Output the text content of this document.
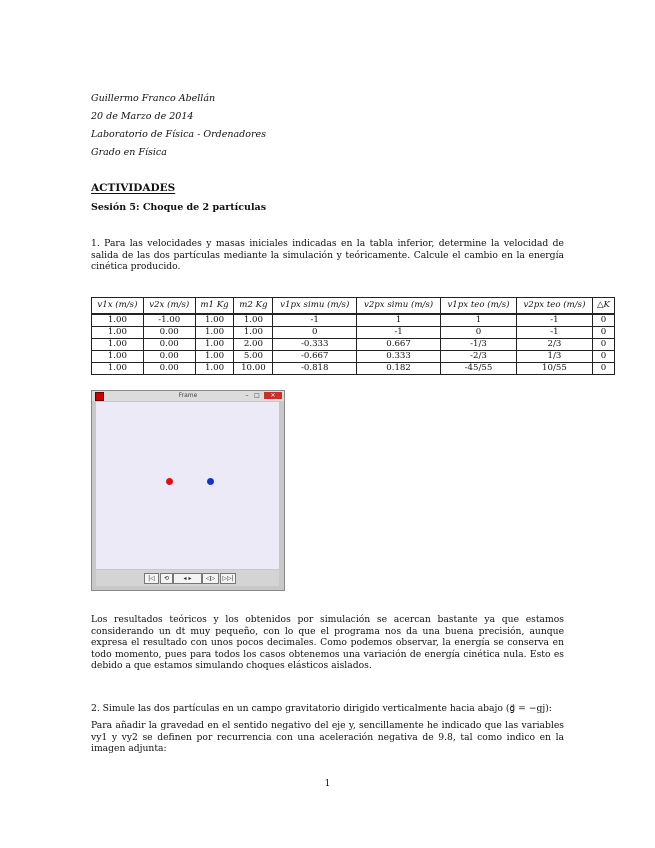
Guillermo Franco Abellán
20 de Marzo de 2014
Laboratorio de Física - Ordenadores
Grado en Física
ACTIVIDADES
Sesión 5: Choque de 2 partículas

1. Para las velocidades y masas iniciales indicadas en la tabla inferior, determine la velocidad de salida de las dos partículas mediante la simulación y teóricamente. Calcule el cambio en la energía cinética producido.

v1x (m/s)	v2x (m/s)	m1 Kg	m2 Kg	v1px simu (m/s)	v2px simu (m/s)	v1px teo (m/s)	v2px teo (m/s)	△K
1.00	-1.00	1.00	1.00	-1	1	1	-1	0
1.00	0.00	1.00	1.00	0	-1	0	-1	0
1.00	0.00	1.00	2.00	-0.333	0.667	-1/3	2/3	0
1.00	0.00	1.00	5.00	-0.667	0.333	-2/3	1/3	0
1.00	0.00	1.00	10.00	-0.818	0.182	-45/55	10/55	0
Frame	– □	✕
|◁	⟲	◂ ▸	◁▷	▷▷|

Los resultados teóricos y los obtenidos por simulación se acercan bastante ya que estamos considerando un dt muy pequeño, con lo que el programa nos da una buena precisión, aunque expresa el resultado con unos pocos decimales. Como podemos observar, la energía se conserva en todo momento, pues para todos los casos obtenemos una variación de energía cinética nula. Esto es debido a que estamos simulando choques elásticos aislados.

2. Simule las dos partículas en un campo gravitatorio dirigido verticalmente hacia abajo (g⃗ = −gj):

Para añadir la gravedad en el sentido negativo del eje y, sencillamente he indicado que las variables vy1 y vy2 se definen por recurrencia con una aceleración negativa de 9.8, tal como indico en la imagen adjunta:

1
